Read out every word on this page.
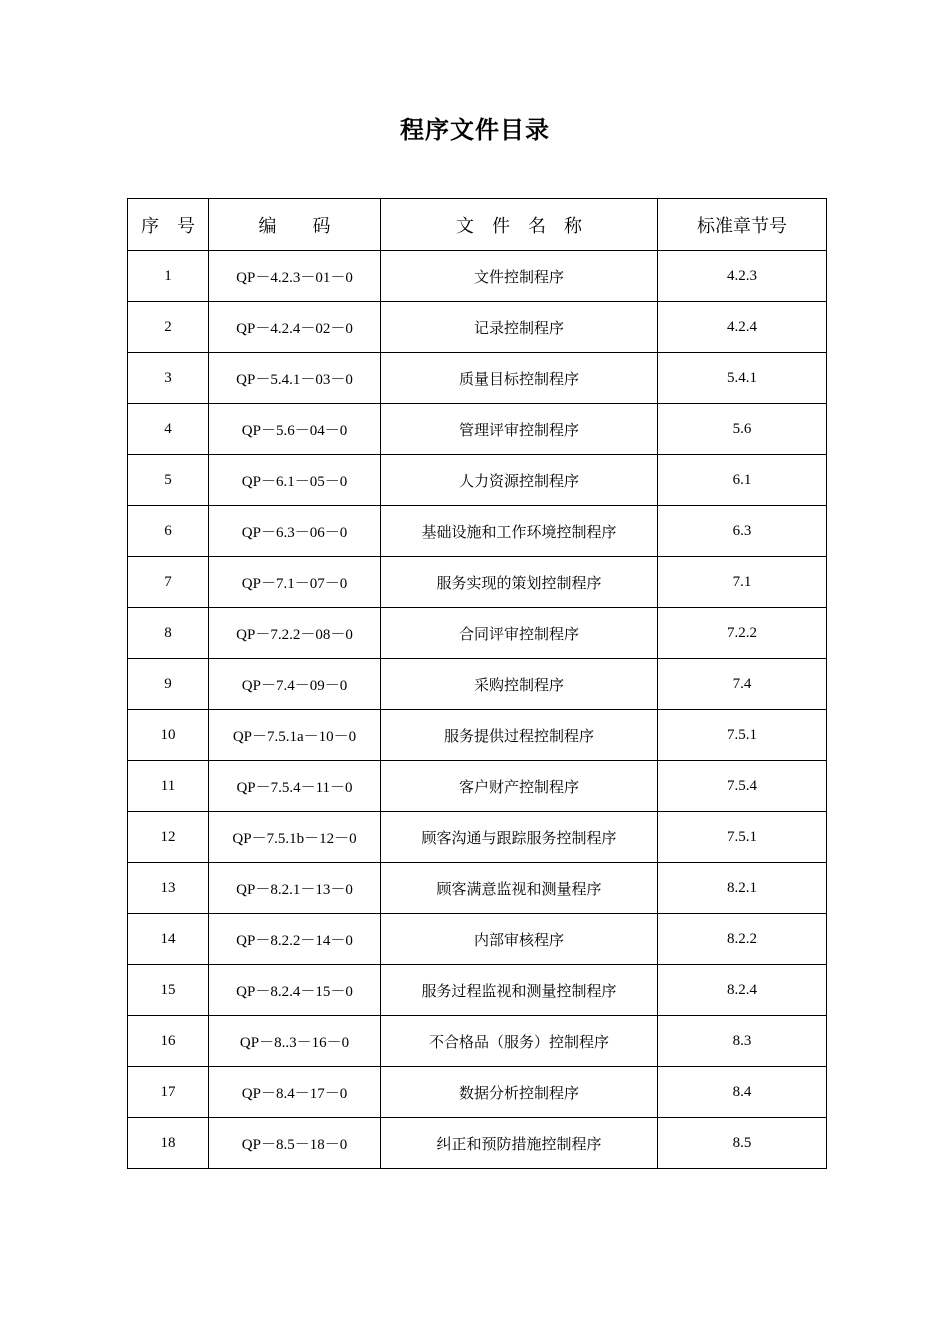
程序文件目录
序　号	编　　码	文　件　名　称	标准章节号
1	QP－4.2.3－01－0	文件控制程序	4.2.3
2	QP－4.2.4－02－0	记录控制程序	4.2.4
3	QP－5.4.1－03－0	质量目标控制程序	5.4.1
4	QP－5.6－04－0	管理评审控制程序	5.6
5	QP－6.1－05－0	人力资源控制程序	6.1
6	QP－6.3－06－0	基础设施和工作环境控制程序	6.3
7	QP－7.1－07－0	服务实现的策划控制程序	7.1
8	QP－7.2.2－08－0	合同评审控制程序	7.2.2
9	QP－7.4－09－0	采购控制程序	7.4
10	QP－7.5.1a－10－0	服务提供过程控制程序	7.5.1
11	QP－7.5.4－11－0	客户财产控制程序	7.5.4
12	QP－7.5.1b－12－0	顾客沟通与跟踪服务控制程序	7.5.1
13	QP－8.2.1－13－0	顾客满意监视和测量程序	8.2.1
14	QP－8.2.2－14－0	内部审核程序	8.2.2
15	QP－8.2.4－15－0	服务过程监视和测量控制程序	8.2.4
16	QP－8..3－16－0	不合格品（服务）控制程序	8.3
17	QP－8.4－17－0	数据分析控制程序	8.4
18	QP－8.5－18－0	纠正和预防措施控制程序	8.5
